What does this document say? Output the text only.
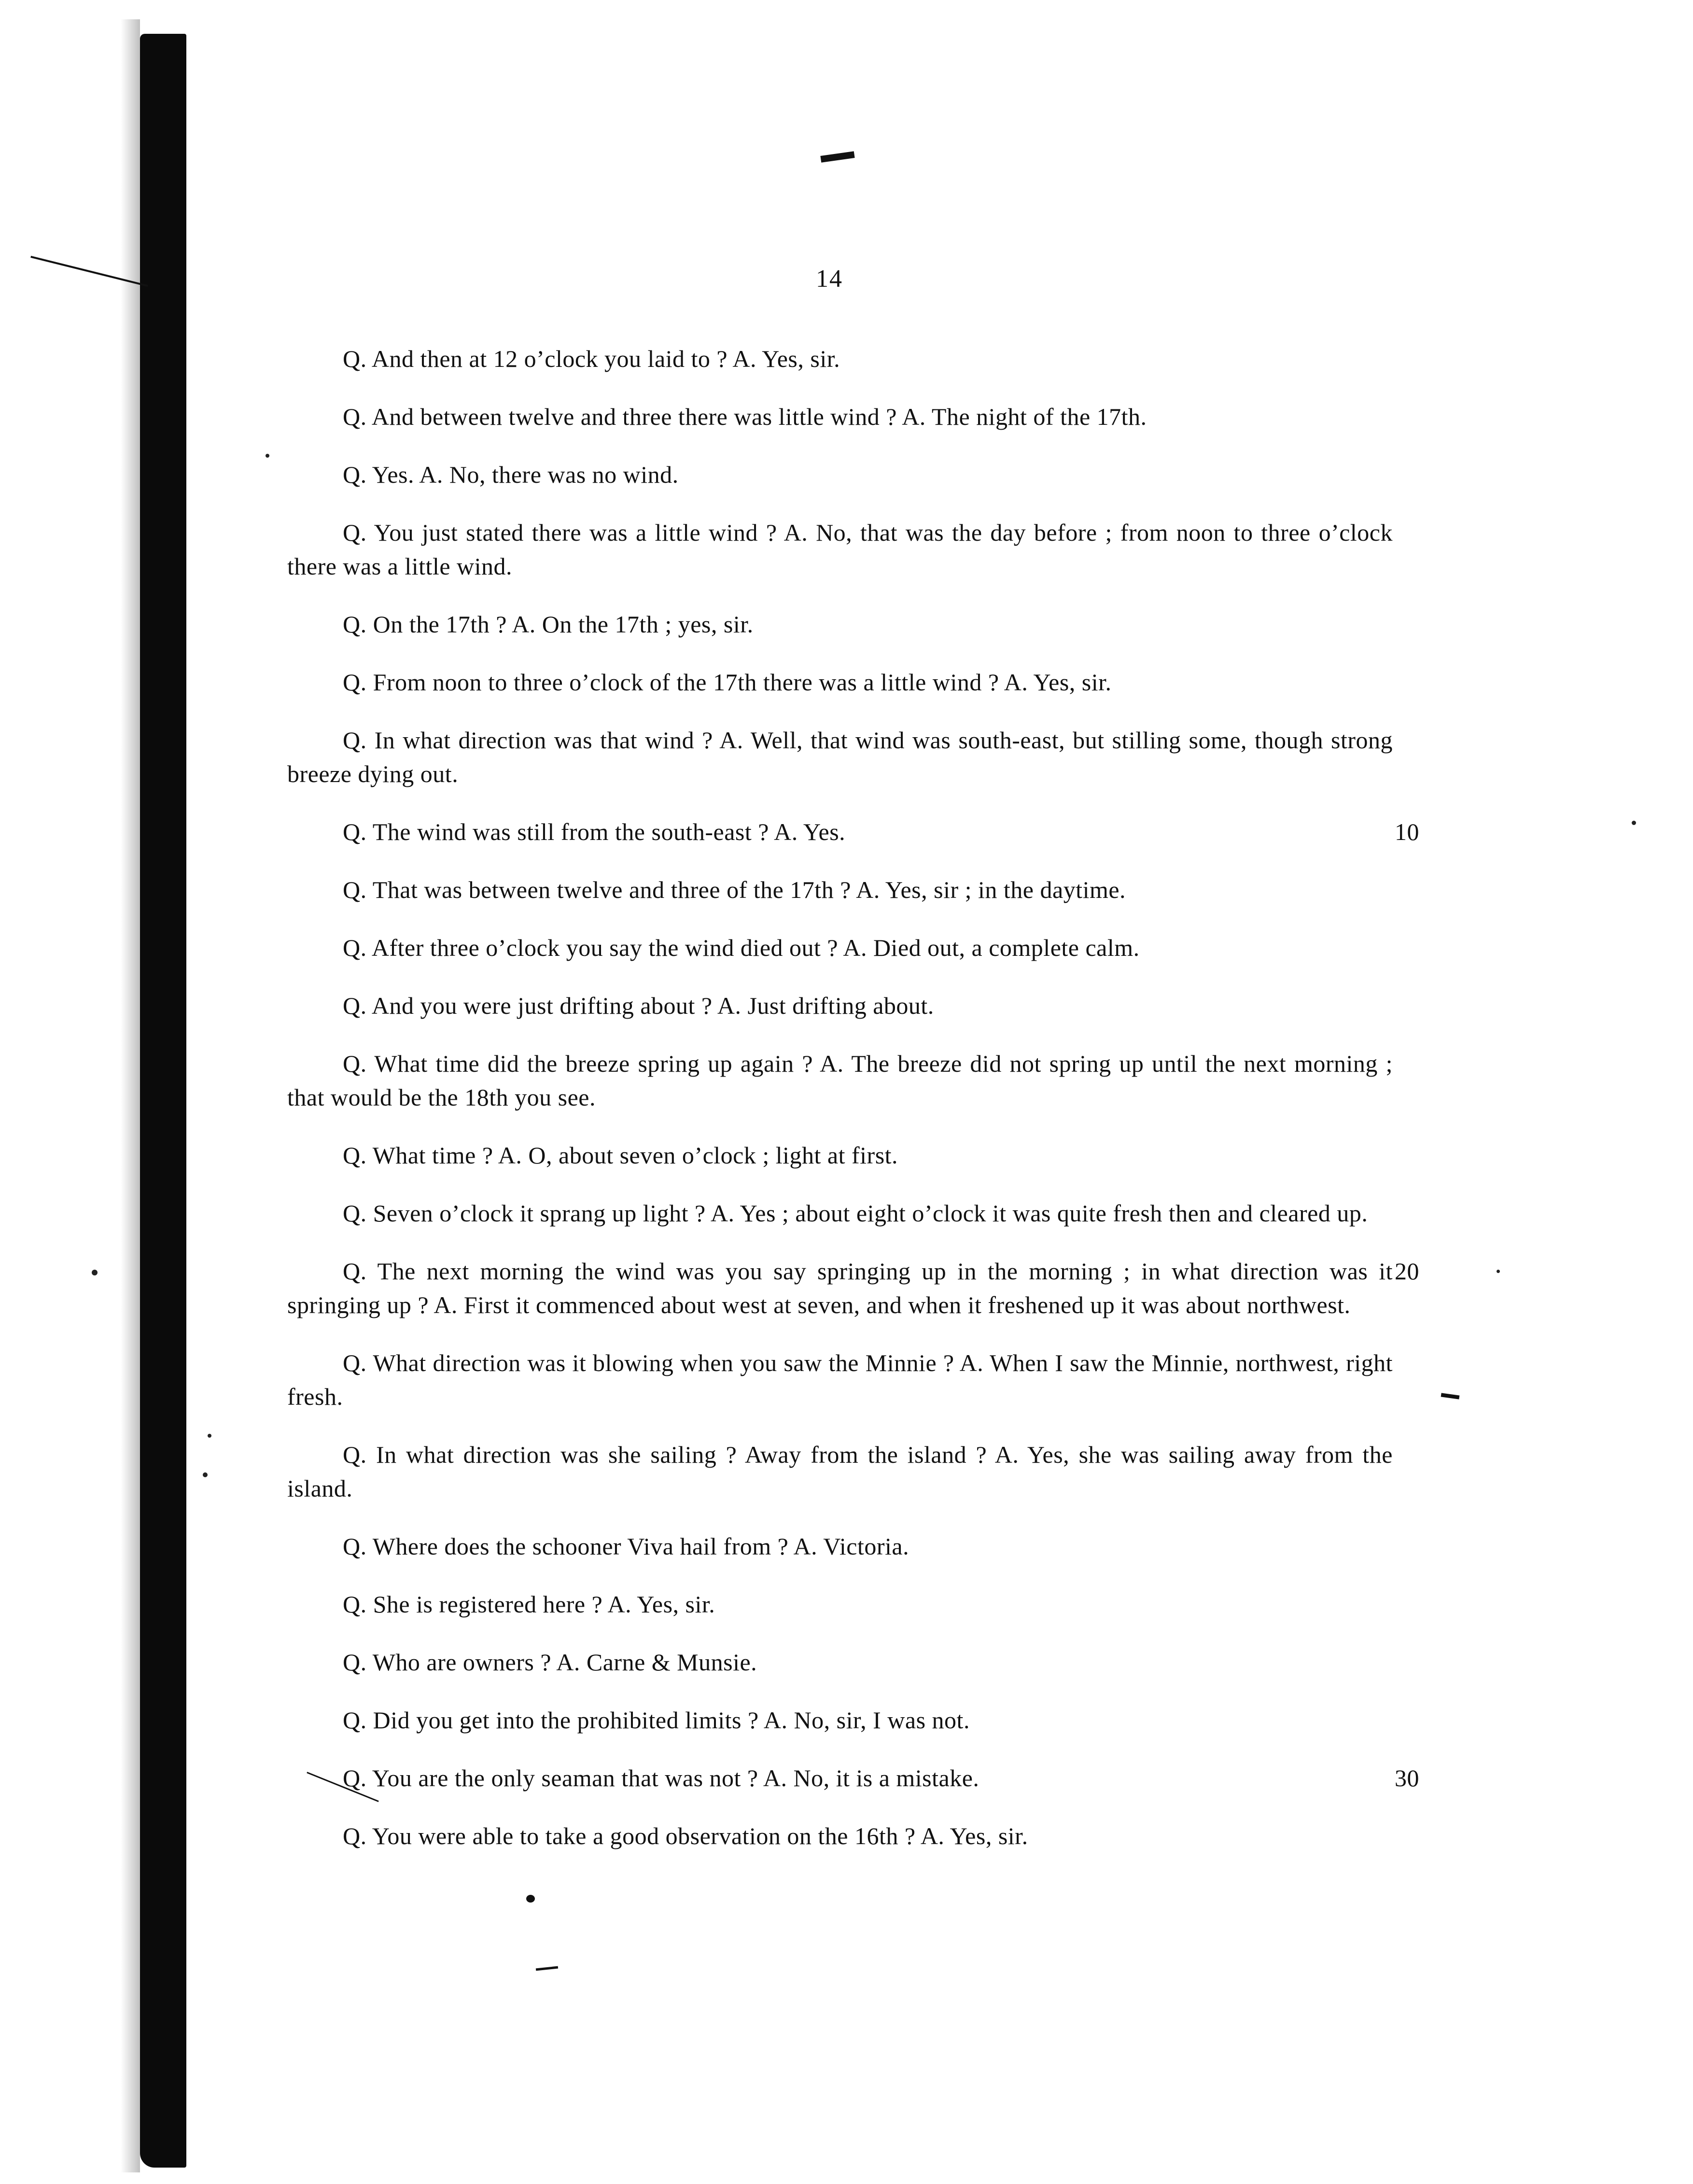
14

Q. And then at 12 o’clock you laid to ? A. Yes, sir.

Q. And between twelve and three there was little wind ? A. The night of the 17th.

Q. Yes. A. No, there was no wind.

Q. You just stated there was a little wind ? A. No, that was the day before ; from noon to three o’clock there was a little wind.

Q. On the 17th ? A. On the 17th ; yes, sir.

Q. From noon to three o’clock of the 17th there was a little wind ? A. Yes, sir.

Q. In what direction was that wind ? A. Well, that wind was south-east, but stilling some, though strong breeze dying out.

Q. The wind was still from the south-east ? A. Yes.	10

Q. That was between twelve and three of the 17th ? A. Yes, sir ; in the daytime.

Q. After three o’clock you say the wind died out ? A. Died out, a complete calm.

Q. And you were just drifting about ? A. Just drifting about.

Q. What time did the breeze spring up again ? A. The breeze did not spring up until the next morning ; that would be the 18th you see.

Q. What time ? A. O, about seven o’clock ; light at first.

Q. Seven o’clock it sprang up light ? A. Yes ; about eight o’clock it was quite fresh then and cleared up.

Q. The next morning the wind was you say springing up in the morning ; in what direction was it springing up ? A. First it commenced about west at seven, and when it freshened up it was about northwest.
20

Q. What direction was it blowing when you saw the Minnie ? A. When I saw the Minnie, northwest, right fresh.

Q. In what direction was she sailing ? Away from the island ? A. Yes, she was sailing away from the island.

Q. Where does the schooner Viva hail from ? A. Victoria.

Q. She is registered here ? A. Yes, sir.

Q. Who are owners ? A. Carne & Munsie.

Q. Did you get into the prohibited limits ? A. No, sir, I was not.

Q. You are the only seaman that was not ? A. No, it is a mistake.	30

Q. You were able to take a good observation on the 16th ? A. Yes, sir.
